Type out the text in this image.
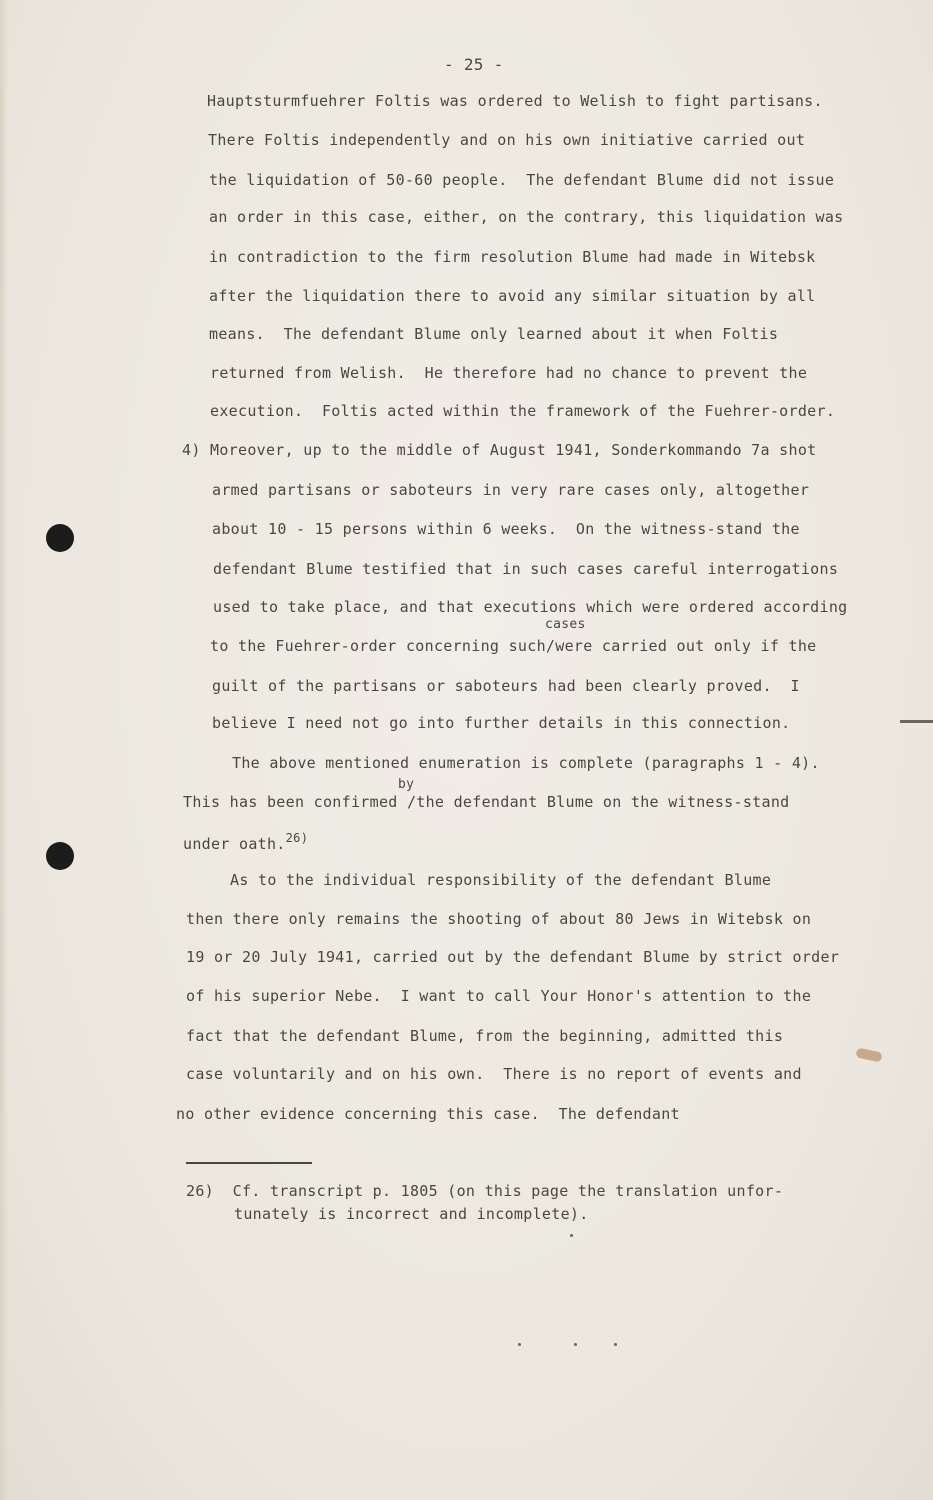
- 25 -
Hauptsturmfuehrer Foltis was ordered to Welish to fight partisans.
There Foltis independently and on his own initiative carried out
the liquidation of 50-60 people.  The defendant Blume did not issue
an order in this case, either, on the contrary, this liquidation was
in contradiction to the firm resolution Blume had made in Witebsk
after the liquidation there to avoid any similar situation by all
means.  The defendant Blume only learned about it when Foltis
returned from Welish.  He therefore had no chance to prevent the
execution.  Foltis acted within the framework of the Fuehrer-order.
4) Moreover, up to the middle of August 1941, Sonderkommando 7a shot
armed partisans or saboteurs in very rare cases only, altogether
about 10 - 15 persons within 6 weeks.  On the witness-stand the
defendant Blume testified that in such cases careful interrogations
used to take place, and that executions which were ordered according
cases
to the Fuehrer-order concerning such/were carried out only if the
guilt of the partisans or saboteurs had been clearly proved.  I
believe I need not go into further details in this connection.
The above mentioned enumeration is complete (paragraphs 1 - 4).
by
This has been confirmed /the defendant Blume on the witness-stand
under oath.$^{26)}$
As to the individual responsibility of the defendant Blume
then there only remains the shooting of about 80 Jews in Witebsk on
19 or 20 July 1941, carried out by the defendant Blume by strict order
of his superior Nebe.  I want to call Your Honor's attention to the
fact that the defendant Blume, from the beginning, admitted this
case voluntarily and on his own.  There is no report of events and
no other evidence concerning this case.  The defendant
26)  Cf. transcript p. 1805 (on this page the translation unfor-
tunately is incorrect and incomplete).
